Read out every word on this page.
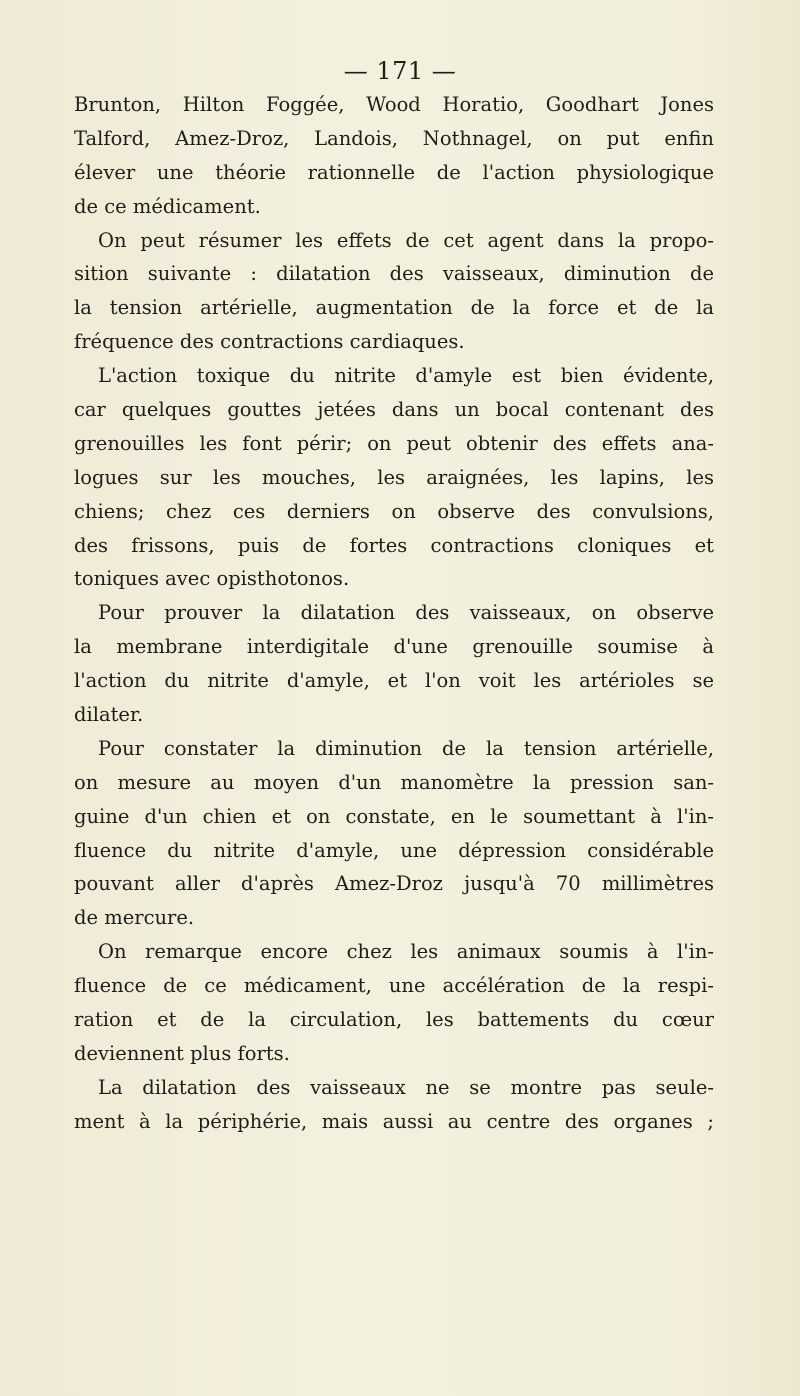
— 171 —
Brunton, Hilton Foggée, Wood Horatio, Goodhart Jones
Talford, Amez-Droz, Landois, Nothnagel, on put enfin
élever une théorie rationnelle de l'action physiologique
de ce médicament.
On peut résumer les effets de cet agent dans la propo-
sition suivante : dilatation des vaisseaux, diminution de
la tension artérielle, augmentation de la force et de la
fréquence des contractions cardiaques.
L'action toxique du nitrite d'amyle est bien évidente,
car quelques gouttes jetées dans un bocal contenant des
grenouilles les font périr; on peut obtenir des effets ana-
logues sur les mouches, les araignées, les lapins, les
chiens; chez ces derniers on observe des convulsions,
des frissons, puis de fortes contractions cloniques et
toniques avec opisthotonos.
Pour prouver la dilatation des vaisseaux, on observe
la membrane interdigitale d'une grenouille soumise à
l'action du nitrite d'amyle, et l'on voit les artérioles se
dilater.
Pour constater la diminution de la tension artérielle,
on mesure au moyen d'un manomètre la pression san-
guine d'un chien et on constate, en le soumettant à l'in-
fluence du nitrite d'amyle, une dépression considérable
pouvant aller d'après Amez-Droz jusqu'à 70 millimètres
de mercure.
On remarque encore chez les animaux soumis à l'in-
fluence de ce médicament, une accélération de la respi-
ration et de la circulation, les battements du cœur
deviennent plus forts.
La dilatation des vaisseaux ne se montre pas seule-
ment à la périphérie, mais aussi au centre des organes ;
